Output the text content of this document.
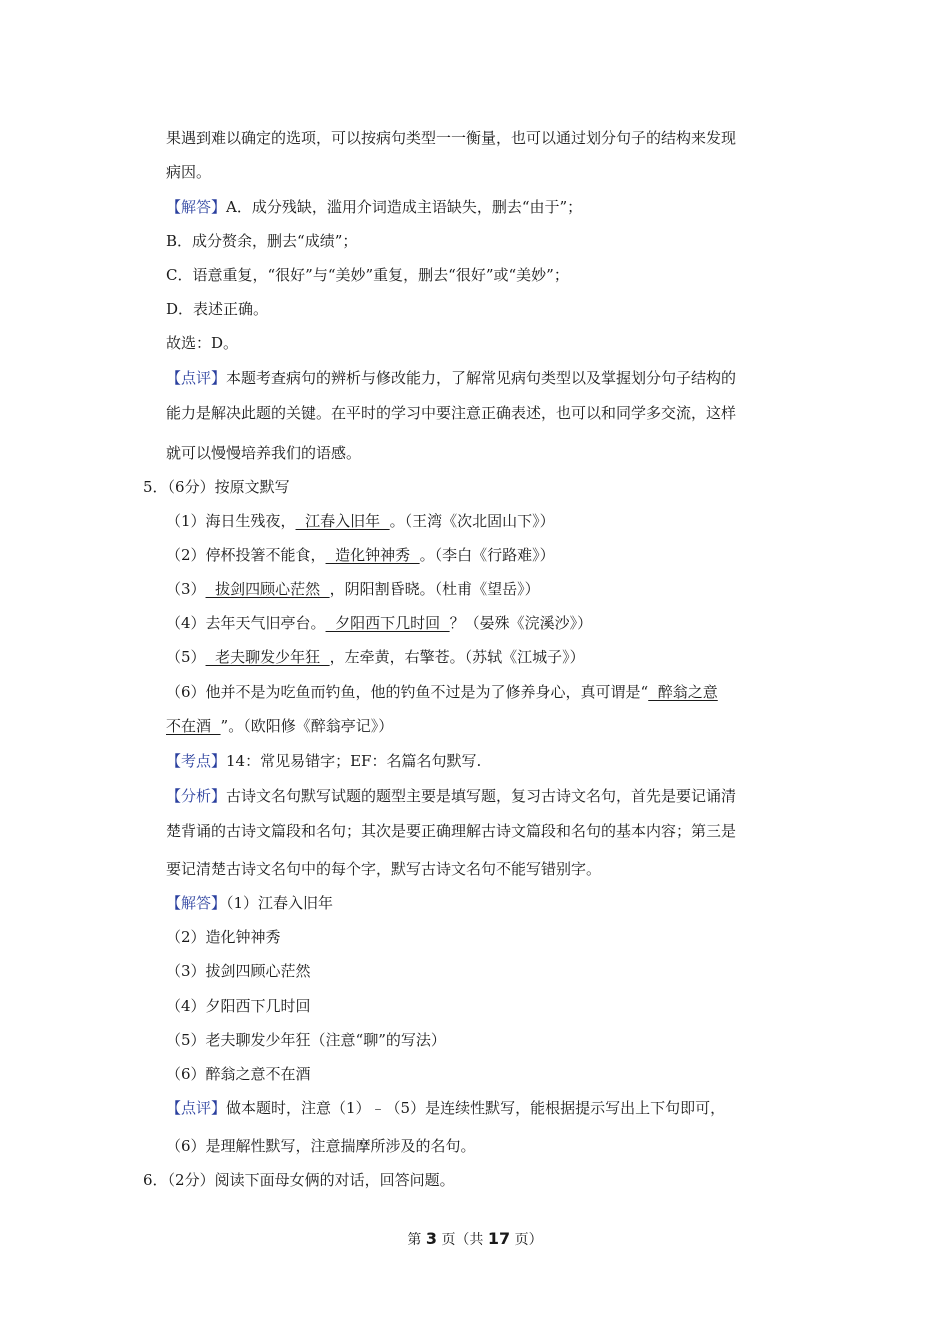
果遇到难以确定的选项，可以按病句类型一一衡量，也可以通过划分句子的结构来发现
病因。
【解答】A．成分残缺，滥用介词造成主语缺失，删去“由于”；
B．成分赘余，删去“成绩”；
C．语意重复，“很好”与“美妙”重复，删去“很好”或“美妙”；
D．表述正确。
故选：D。
【点评】本题考查病句的辨析与修改能力，了解常见病句类型以及掌握划分句子结构的
能力是解决此题的关键。在平时的学习中要注意正确表述，也可以和同学多交流，这样
就可以慢慢培养我们的语感。
5．（6分）按原文默写
（1）海日生残夜，  江春入旧年  。（王湾《次北固山下》）
（2）停杯投箸不能食，  造化钟神秀  。（李白《行路难》）
（3）  拔剑四顾心茫然  ，阴阳割昏晓。（杜甫《望岳》）
（4）去年天气旧亭台。  夕阳西下几时回  ？（晏殊《浣溪沙》）
（5）  老夫聊发少年狂  ，左牵黄，右擎苍。（苏轼《江城子》）
（6）他并不是为吃鱼而钓鱼，他的钓鱼不过是为了修养身心，真可谓是“  醉翁之意
不在酒  ”。（欧阳修《醉翁亭记》）
【考点】14：常见易错字；EF：名篇名句默写.
【分析】古诗文名句默写试题的题型主要是填写题，复习古诗文名句，首先是要记诵清
楚背诵的古诗文篇段和名句；其次是要正确理解古诗文篇段和名句的基本内容；第三是
要记清楚古诗文名句中的每个字，默写古诗文名句不能写错别字。
【解答】（1）江春入旧年
（2）造化钟神秀
（3）拔剑四顾心茫然
（4）夕阳西下几时回
（5）老夫聊发少年狂（注意“聊”的写法）
（6）醉翁之意不在酒
【点评】做本题时，注意（1）﹣（5）是连续性默写，能根据提示写出上下句即可，
（6）是理解性默写，注意揣摩所涉及的名句。
6．（2分）阅读下面母女俩的对话，回答问题。
第 3 页（共 17 页）
